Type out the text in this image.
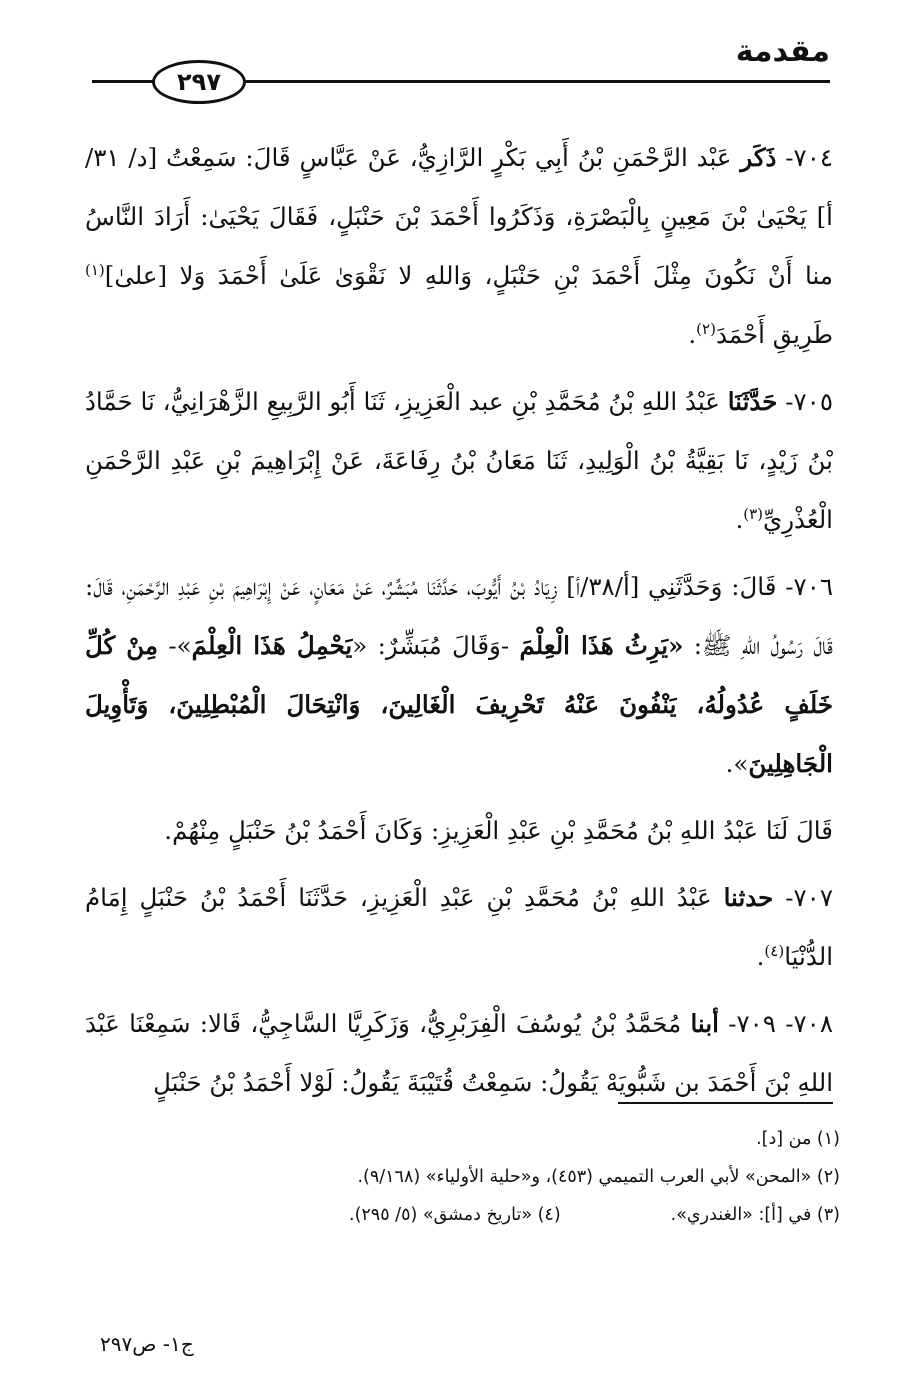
مقدمة
٢٩٧

٧٠٤- ذَكَر عَبْد الرَّحْمَنِ بْنُ أَبِي بَكْرٍ الرَّازِيُّ، عَنْ عَبَّاسٍ قَالَ: سَمِعْتُ [د/ ٣١/أ] يَحْيَىٰ بْنَ مَعِينٍ بِالْبَصْرَةِ، وَذَكَرُوا أَحْمَدَ بْنَ حَنْبَلٍ، فَقَالَ يَحْيَىٰ: أَرَادَ النَّاسُ منا أَنْ نَكُونَ مِثْلَ أَحْمَدَ بْنِ حَنْبَلٍ، وَاللهِ لا نَقْوَىٰ عَلَىٰ أَحْمَدَ وَلا [علىٰ]$^{(١)}$ طَرِيقِ أَحْمَدَ$^{(٢)}$.

٧٠٥- حَدَّثَنَا عَبْدُ اللهِ بْنُ مُحَمَّدِ بْنِ عبد الْعَزِيزِ، ثَنَا أَبُو الرَّبِيعِ الزَّهْرَانِيُّ، نَا حَمَّادُ بْنُ زَيْدٍ، نَا بَقِيَّةُ بْنُ الْوَلِيدِ، ثَنَا مَعَانُ بْنُ رِفَاعَةَ، عَنْ إِبْرَاهِيمَ بْنِ عَبْدِ الرَّحْمَنِ الْعُذْرِيِّ$^{(٣)}$.

٧٠٦- قَالَ: وَحَدَّثَنِي [أ/٣٨/أ] زِيَادُ بْنُ أَيُّوبَ، حَدَّثَنَا مُبَشِّرٌ، عَنْ مَعَانٍ، عَنْ إِبْرَاهِيمَ بْنِ عَبْدِ الرَّحْمَنِ، قَالَ: قَالَ رَسُولُ اللهِ ﷺ: «يَرِثُ هَذَا الْعِلْمَ -وَقَالَ مُبَشِّرٌ: «يَحْمِلُ هَذَا الْعِلْمَ»- مِنْ كُلِّ خَلَفٍ عُدُولُهُ، يَنْفُونَ عَنْهُ تَحْرِيفَ الْغَالِينَ، وَانْتِحَالَ الْمُبْطِلِينَ، وَتَأْوِيلَ الْجَاهِلِينَ».

قَالَ لَنَا عَبْدُ اللهِ بْنُ مُحَمَّدِ بْنِ عَبْدِ الْعَزِيزِ: وَكَانَ أَحْمَدُ بْنُ حَنْبَلٍ مِنْهُمْ.

٧٠٧- حدثنا عَبْدُ اللهِ بْنُ مُحَمَّدِ بْنِ عَبْدِ الْعَزِيزِ، حَدَّثَنَا أَحْمَدُ بْنُ حَنْبَلٍ إِمَامُ الدُّنْيَا$^{(٤)}$.

٧٠٨- ٧٠٩- أبنا مُحَمَّدُ بْنُ يُوسُفَ الْفِرَبْرِيُّ، وَزَكَرِيَّا السَّاجِيُّ، قَالا: سَمِعْنَا عَبْدَ اللهِ بْنَ أَحْمَدَ بن شَبُّويَهْ يَقُولُ: سَمِعْتُ قُتَيْبَةَ يَقُولُ: لَوْلا أَحْمَدُ بْنُ حَنْبَلٍ

(١) من [د].
(٢) «المحن» لأبي العرب التميمي (٤٥٣)، و«حلية الأولياء» (٩/١٦٨).
(٣) في [أ]: «الغندري».
(٤) «تاريخ دمشق» (٥/ ٢٩٥).
ج١- ص٢٩٧
